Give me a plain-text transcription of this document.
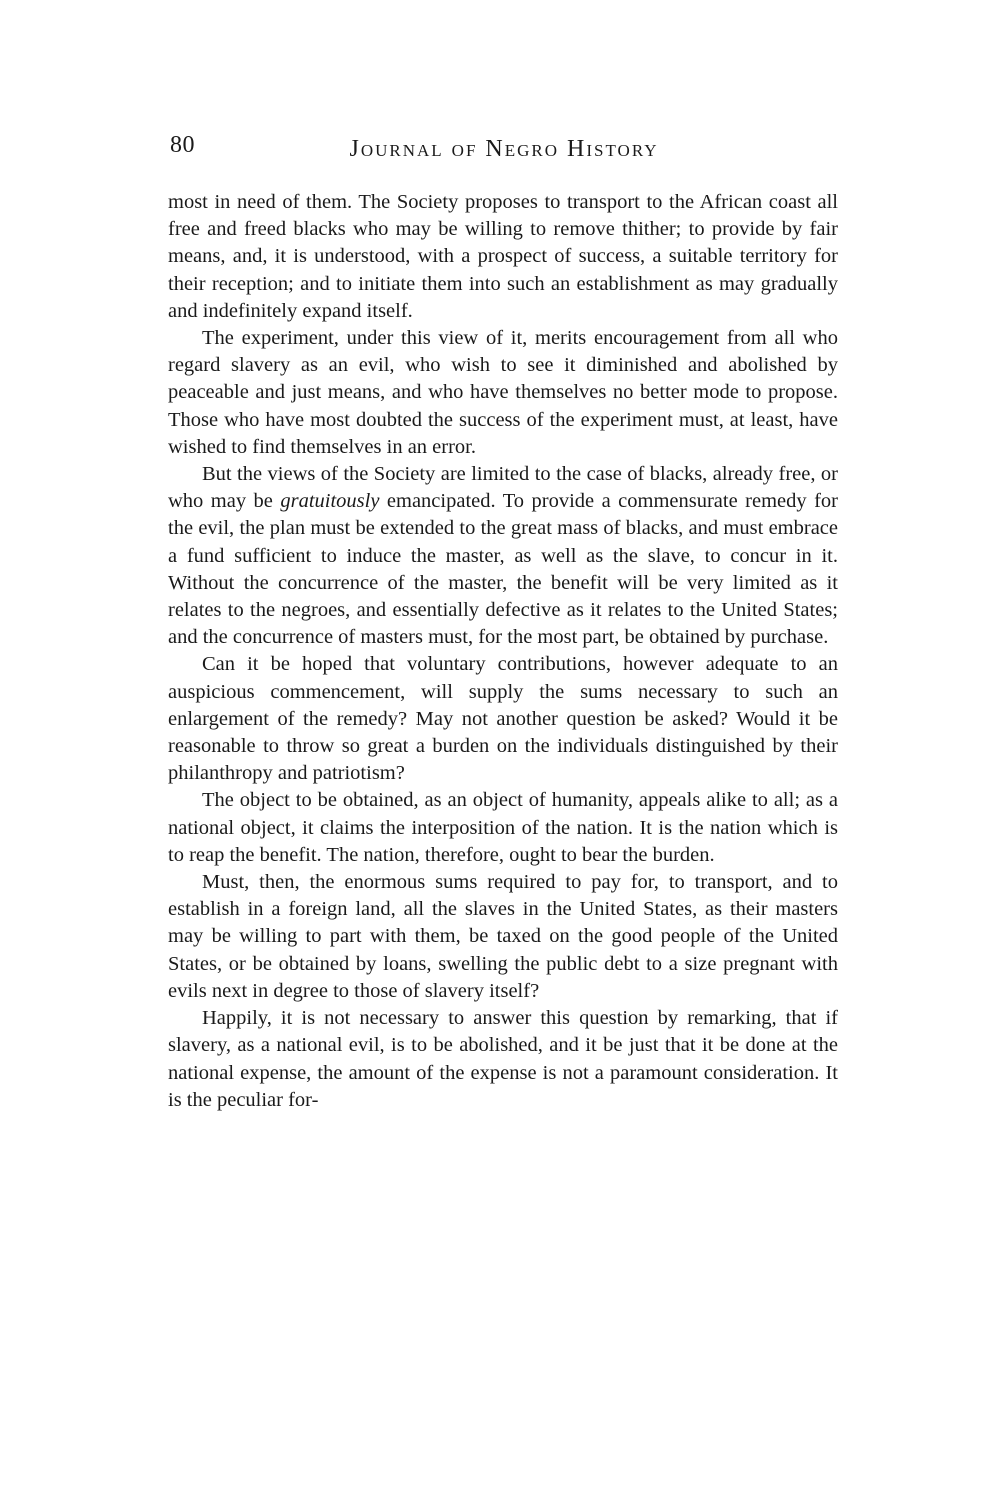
80	Journal of Negro History

most in need of them. The Society proposes to transport to the African coast all free and freed blacks who may be willing to remove thither; to provide by fair means, and, it is understood, with a prospect of success, a suitable territory for their reception; and to initiate them into such an establishment as may gradually and indefinitely expand itself.

The experiment, under this view of it, merits encouragement from all who regard slavery as an evil, who wish to see it diminished and abolished by peaceable and just means, and who have themselves no better mode to propose. Those who have most doubted the success of the experiment must, at least, have wished to find themselves in an error.

But the views of the Society are limited to the case of blacks, already free, or who may be gratuitously emancipated. To provide a commensurate remedy for the evil, the plan must be extended to the great mass of blacks, and must embrace a fund sufficient to induce the master, as well as the slave, to concur in it. Without the concurrence of the master, the benefit will be very limited as it relates to the negroes, and essentially defective as it relates to the United States; and the concurrence of masters must, for the most part, be obtained by purchase.

Can it be hoped that voluntary contributions, however adequate to an auspicious commencement, will supply the sums necessary to such an enlargement of the remedy? May not another question be asked? Would it be reasonable to throw so great a burden on the individuals distinguished by their philanthropy and patriotism?

The object to be obtained, as an object of humanity, appeals alike to all; as a national object, it claims the interposition of the nation. It is the nation which is to reap the benefit. The nation, therefore, ought to bear the burden.

Must, then, the enormous sums required to pay for, to transport, and to establish in a foreign land, all the slaves in the United States, as their masters may be willing to part with them, be taxed on the good people of the United States, or be obtained by loans, swelling the public debt to a size pregnant with evils next in degree to those of slavery itself?

Happily, it is not necessary to answer this question by remarking, that if slavery, as a national evil, is to be abolished, and it be just that it be done at the national expense, the amount of the expense is not a paramount consideration. It is the peculiar for-
